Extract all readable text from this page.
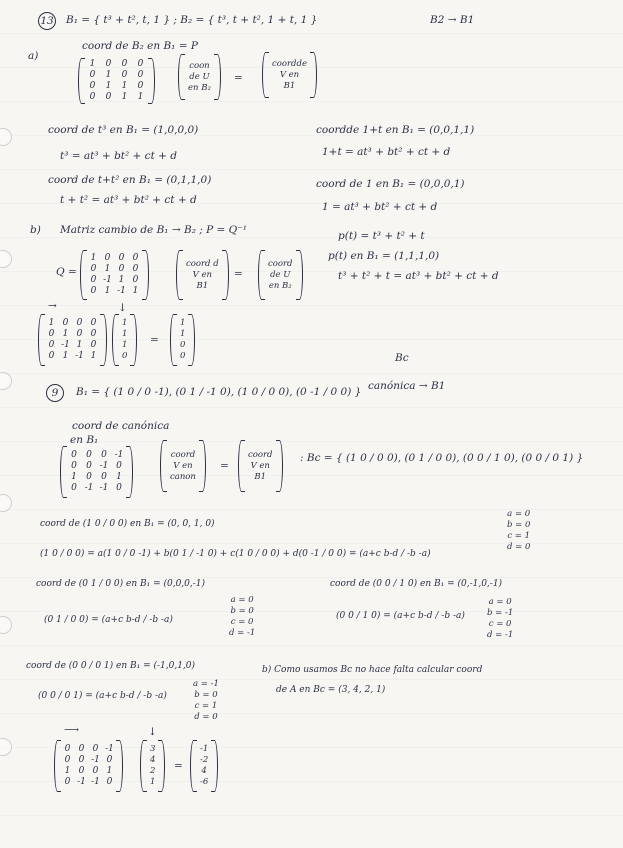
13 B₁ = { t³ + t², t, 1 } ; B₂ = { t³, t + t², 1 + t, 1 }	B2 → B1
a)
coord de B₂ en B₁ = P
1 0 0 0
0 1 0 0
0 1 1 0
0 0 1 1
coon
de U
en B₂
=
coordde
V en
B1
coord de t³ en B₁ = (1,0,0,0)
t³ = at³ + bt² + ct + d
coordde 1+t en B₁ = (0,0,1,1)
1+t = at³ + bt² + ct + d
coord de t+t² en B₁ = (0,1,1,0)
t + t² = at³ + bt² + ct + d
coord de 1 en B₁ = (0,0,0,1)
1 = at³ + bt² + ct + d
b) Matriz cambio de B₁ → B₂ ; P = Q⁻¹	p(t) = t³ + t² + t
Q =
1 0 0 0
0 1 0 0
0 -1 1 0
0 1 -1 1
coord d
V en
B1
=
coord
de U
en B₂
p(t) en B₁ = (1,1,1,0)
t³ + t² + t = at³ + bt² + ct + d
→
1 0 0 0
0 1 0 0
0 -1 1 0
0 1 -1 1
↓
1
1
1
0
=
1
1
0
0
9	B₁ = { (1 0 / 0 -1), (0 1 / -1 0), (1 0 / 0 0), (0 -1 / 0 0) }
Bc
canónica → B1
coord de canónica
en B₁
0 0 0 -1
0 0 -1 0
1 0 0 1
0 -1 -1 0
coord
V en
canon
=
coord
V en
B1
: Bc = { (1 0 / 0 0), (0 1 / 0 0), (0 0 / 1 0), (0 0 / 0 1) }
coord de (1 0 / 0 0) en B₁ = (0, 0, 1, 0)
(1 0 / 0 0) = a(1 0 / 0 -1) + b(0 1 / -1 0) + c(1 0 / 0 0) + d(0 -1 / 0 0) = (a+c b-d / -b -a)
a = 0
b = 0
c = 1
d = 0
coord de (0 1 / 0 0) en B₁ = (0,0,0,-1)
(0 1 / 0 0) = (a+c b-d / -b -a)
a = 0
b = 0
c = 0
d = -1
coord de (0 0 / 1 0) en B₁ = (0,-1,0,-1)
(0 0 / 1 0) = (a+c b-d / -b -a)
a = 0
b = -1
c = 0
d = -1
coord de (0 0 / 0 1) en B₁ = (-1,0,1,0)
(0 0 / 0 1) = (a+c b-d / -b -a)
a = -1
b = 0
c = 1
d = 0
b) Como usamos Bc no hace falta calcular coord
de A en Bc = (3, 4, 2, 1)
⟶
0 0 0 -1
0 0 -1 0
1 0 0 1
0 -1 -1 0
↓
3
4
2
1
=
-1
-2
4
-6
